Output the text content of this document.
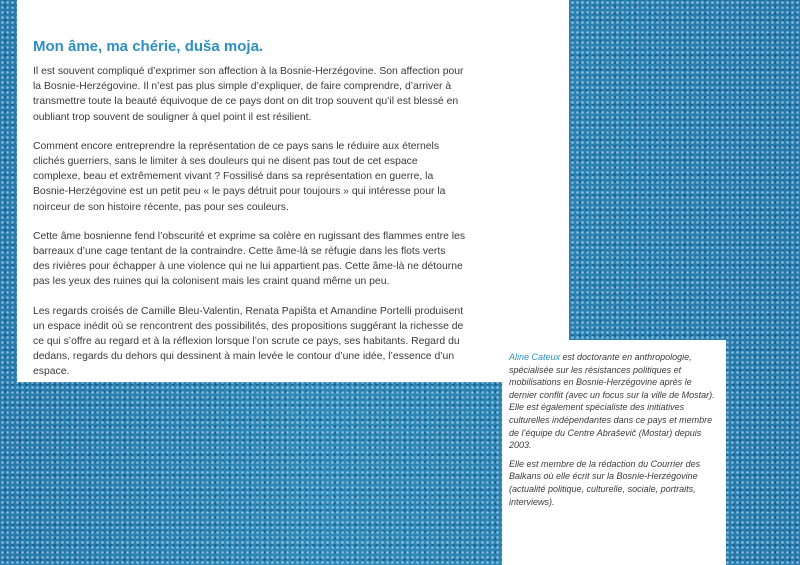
Mon âme, ma chérie, duša moja.

Il est souvent compliqué d’exprimer son affection à la Bosnie-Herzégovine. Son affection pour la Bosnie-Herzégovine. Il n’est pas plus simple d’expliquer, de faire comprendre, d’arriver à transmettre toute la beauté équivoque de ce pays dont on dit trop souvent qu’il est blessé en oubliant trop souvent de souligner à quel point il est résilient.

Comment encore entreprendre la représentation de ce pays sans le réduire aux éternels clichés guerriers, sans le limiter à ses douleurs qui ne disent pas tout de cet espace complexe, beau et extrêmement vivant ? Fossilisé dans sa représentation en guerre, la Bosnie-Herzégovine est un petit peu « le pays détruit pour toujours » qui intéresse pour la noirceur de son histoire récente, pas pour ses couleurs.

Cette âme bosnienne fend l’obscurité et exprime sa colère en rugissant des flammes entre les barreaux d’une cage tentant de la contraindre. Cette âme-là se réfugie dans les flots verts des rivières pour échapper à une violence qui ne lui appartient pas. Cette âme-là ne détourne pas les yeux des ruines qui la colonisent mais les craint quand même un peu.

Les regards croisés de Camille Bleu-Valentin, Renata Papišta et Amandine Portelli produisent un espace inédit où se rencontrent des possibilités, des propositions suggérant la richesse de ce qui s’offre au regard et à la réflexion lorsque l’on scrute ce pays, ses habitants. Regard du dedans, regards du dehors qui dessinent à main levée le contour d’une idée, l’essence d’un espace.

Aline Cateux est doctorante en anthropologie, spécialisée sur les résistances politiques et mobilisations en Bosnie-Herzégovine après le dernier conflit (avec un focus sur la ville de Mostar). Elle est également spécialiste des initiatives culturelles indépendantes dans ce pays et membre de l’équipe du Centre Abraševič (Mostar) depuis 2003.

Elle est membre de la rédaction du Courrier des Balkans où elle écrit sur la Bosnie-Herzégovine (actualité politique, culturelle, sociale, portraits, interviews).
